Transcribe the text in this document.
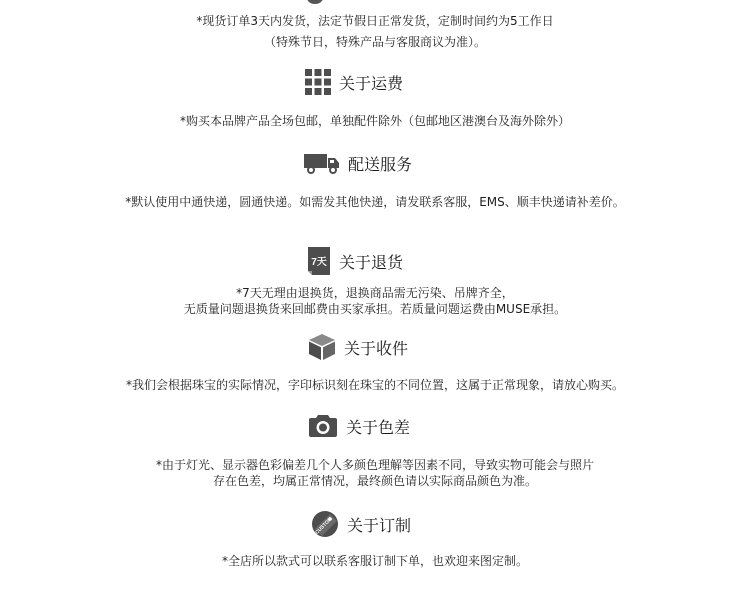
*现货订单3天内发货，法定节假日正常发货，定制时间约为5工作日
（特殊节日，特殊产品与客服商议为准）。
关于运费
*购买本品牌产品全场包邮，单独配件除外（包邮地区港澳台及海外除外）
配送服务
*默认使用中通快递，圆通快递。如需发其他快递，请发联系客服，EMS、顺丰快递请补差价。
7天 关于退货
*7天无理由退换货，退换商品需无污染、吊牌齐全，
无质量问题退换货来回邮费由买家承担。若质量问题运费由MUSE承担。
关于收件
*我们会根据珠宝的实际情况，字印标识刻在珠宝的不同位置，这属于正常现象，请放心购买。
关于色差
*由于灯光、显示器色彩偏差几个人多颜色理解等因素不同，导致实物可能会与照片
存在色差，均属正常情况，最终颜色请以实际商品颜色为准。
CUSTOM 关于订制
*全店所以款式可以联系客服订制下单，也欢迎来图定制。
